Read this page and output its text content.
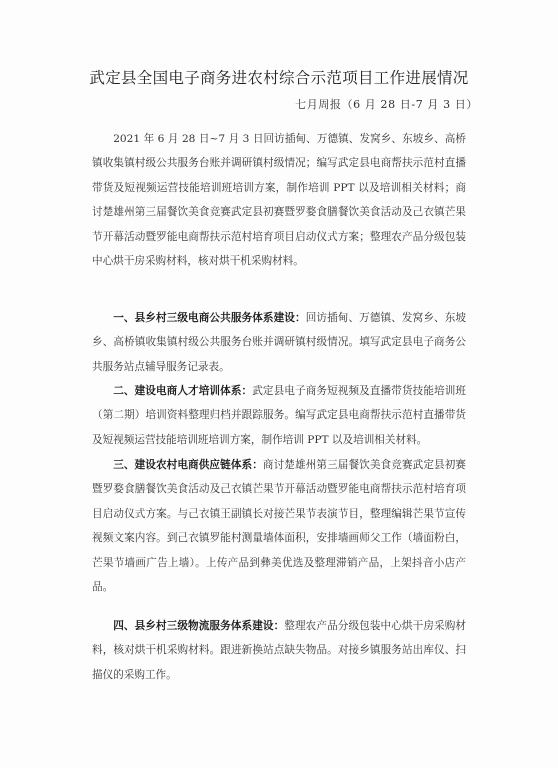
武定县全国电子商务进农村综合示范项目工作进展情况
七月周报（6 月 28 日-7 月 3 日）

2021 年 6 月 28 日~7 月 3 日回访插甸、万德镇、发窝乡、东坡乡、高桥镇收集镇村级公共服务台账并调研镇村级情况；编写武定县电商帮扶示范村直播带货及短视频运营技能培训班培训方案，制作培训 PPT 以及培训相关材料；商讨楚雄州第三届餐饮美食竞赛武定县初赛暨罗婺食膳餐饮美食活动及己衣镇芒果节开幕活动暨罗能电商帮扶示范村培育项目启动仪式方案；整理农产品分级包装中心烘干房采购材料，核对烘干机采购材料。

一、县乡村三级电商公共服务体系建设：回访插甸、万德镇、发窝乡、东坡乡、高桥镇收集镇村级公共服务台账并调研镇村级情况。填写武定县电子商务公共服务站点辅导服务记录表。

二、建设电商人才培训体系：武定县电子商务短视频及直播带货技能培训班（第二期）培训资料整理归档并跟踪服务。编写武定县电商帮扶示范村直播带货及短视频运营技能培训班培训方案，制作培训 PPT 以及培训相关材料。

三、建设农村电商供应链体系：商讨楚雄州第三届餐饮美食竞赛武定县初赛暨罗婺食膳餐饮美食活动及己衣镇芒果节开幕活动暨罗能电商帮扶示范村培育项目启动仪式方案。与己衣镇王副镇长对接芒果节表演节目，整理编辑芒果节宣传视频文案内容。到己衣镇罗能村测量墙体面积，安排墙画师父工作（墙面粉白，芒果节墙画广告上墙）。上传产品到彝美优选及整理滞销产品，上架抖音小店产品。

四、县乡村三级物流服务体系建设：整理农产品分级包装中心烘干房采购材料，核对烘干机采购材料。跟进新换站点缺失物品。对接乡镇服务站出库仪、扫描仪的采购工作。
